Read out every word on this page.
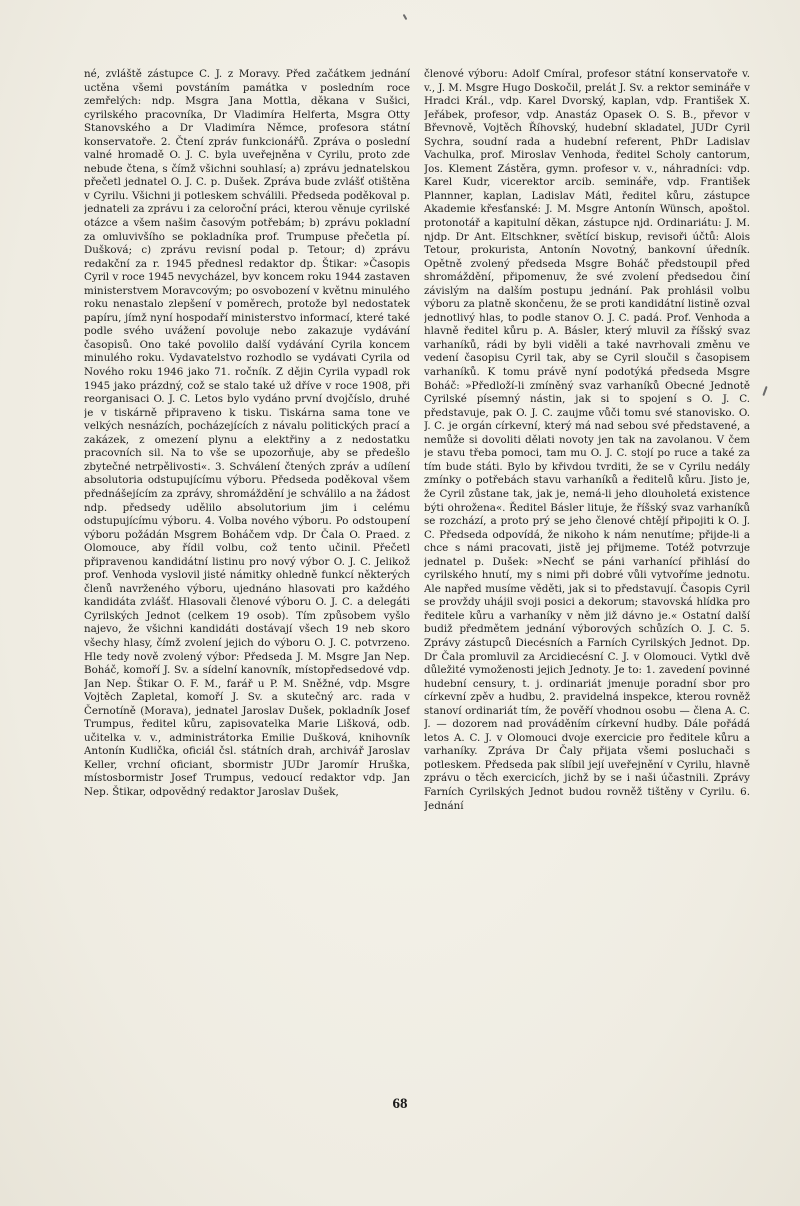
né, zvláště zástupce C. J. z Moravy. Před začátkem jednání uctěna všemi povstáním památka v posledním roce zemřelých: ndp. Msgra Jana Mottla, děkana v Sušici, cyrilského pracovníka, Dr Vladimíra Helferta, Msgra Otty Stanovského a Dr Vladimíra Němce, profesora státní konservatoře. 2. Čtení zpráv funkcionářů. Zpráva o poslední valné hromadě O. J. C. byla uveřejněna v Cyrilu, proto zde nebude čtena, s čímž všichni souhlasí; a) zprávu jednatelskou přečetl jednatel O. J. C. p. Dušek. Zpráva bude zvlášť otištěna v Cyrilu. Všichni ji potleskem schválili. Předseda poděkoval p. jednateli za zprávu i za celoroční práci, kterou věnuje cyrilské otázce a všem našim časovým potřebám; b) zprávu pokladní za omluvivšího se pokladníka prof. Trumpuse přečetla pí. Dušková; c) zprávu revisní podal p. Tetour; d) zprávu redakční za r. 1945 přednesl redaktor dp. Štikar: »Časopis Cyril v roce 1945 nevycházel, byv koncem roku 1944 zastaven ministerstvem Moravcovým; po osvobození v květnu minulého roku nenastalo zlepšení v poměrech, protože byl nedostatek papíru, jímž nyní hospodaří ministerstvo informací, které také podle svého uvážení povoluje nebo zakazuje vydávání časopisů. Ono také povolilo další vydávání Cyrila koncem minulého roku. Vydavatelstvo rozhodlo se vydávati Cyrila od Nového roku 1946 jako 71. ročník. Z dějin Cyrila vypadl rok 1945 jako prázdný, což se stalo také už dříve v roce 1908, při reorganisaci O. J. C. Letos bylo vydáno první dvojčíslo, druhé je v tiskárně připraveno k tisku. Tiskárna sama tone ve velkých nesnázích, pocházejících z návalu politických prací a zakázek, z omezení plynu a elektřiny a z nedostatku pracovních sil. Na to vše se upozorňuje, aby se předešlo zbytečné netrpělivosti«. 3. Schválení čtených zpráv a udílení absolutoria odstupujícímu výboru. Předseda poděkoval všem přednášejícím za zprávy, shromáždění je schválilo a na žádost ndp. předsedy udělilo absolutorium jim i celému odstupujícímu výboru. 4. Volba nového výboru. Po odstoupení výboru požádán Msgrem Boháčem vdp. Dr Čala O. Praed. z Olomouce, aby řídil volbu, což tento učinil. Přečetl připravenou kandidátní listinu pro nový výbor O. J. C. Jelikož prof. Venhoda vyslovil jisté námitky ohledně funkcí některých členů navrženého výboru, ujednáno hlasovati pro každého kandidáta zvlášť. Hlasovali členové výboru O. J. C. a delegáti Cyrilských Jednot (celkem 19 osob). Tím způsobem vyšlo najevo, že všichni kandidáti dostávají všech 19 neb skoro všechy hlasy, čímž zvolení jejich do výboru O. J. C. potvrzeno. Hle tedy nově zvolený výbor: Předseda J. M. Msgre Jan Nep. Boháč, komoří J. Sv. a sídelní kanovník, místopředsedové vdp. Jan Nep. Štikar O. F. M., farář u P. M. Sněžné, vdp. Msgre Vojtěch Zapletal, komoří J. Sv. a skutečný arc. rada v Černotíně (Morava), jednatel Jaroslav Dušek, pokladník Josef Trumpus, ředitel kůru, zapisovatelka Marie Lišková, odb. učitelka v. v., administrátorka Emilie Dušková, knihovník Antonín Kudlička, oficiál čsl. státních drah, archivář Jaroslav Keller, vrchní oficiant, sbormistr JUDr Jaromír Hruška, místosbormistr Josef Trumpus, vedoucí redaktor vdp. Jan Nep. Štikar, odpovědný redaktor Jaroslav Dušek,

členové výboru: Adolf Cmíral, profesor státní konservatoře v. v., J. M. Msgre Hugo Doskočil, prelát J. Sv. a rektor semináře v Hradci Král., vdp. Karel Dvorský, kaplan, vdp. František X. Jeřábek, profesor, vdp. Anastáz Opasek O. S. B., převor v Břevnově, Vojtěch Říhovský, hudební skladatel, JUDr Cyril Sychra, soudní rada a hudební referent, PhDr Ladislav Vachulka, prof. Miroslav Venhoda, ředitel Scholy cantorum, Jos. Klement Zástěra, gymn. profesor v. v., náhradníci: vdp. Karel Kudr, vicerektor arcib. semináře, vdp. František Plannner, kaplan, Ladislav Mátl, ředitel kůru, zástupce Akademie křesťanské: J. M. Msgre Antonín Wünsch, apoštol. protonotář a kapitulní děkan, zástupce njd. Ordinariátu: J. M. njdp. Dr Ant. Eltschkner, světící biskup, revisoři účtů: Alois Tetour, prokurista, Antonín Novotný, bankovní úředník. Opětně zvolený předseda Msgre Boháč předstoupil před shromáždění, připomenuv, že své zvolení předsedou činí závislým na dalším postupu jednání. Pak prohlásil volbu výboru za platně skončenu, že se proti kandidátní listině ozval jednotlivý hlas, to podle stanov O. J. C. padá. Prof. Venhoda a hlavně ředitel kůru p. A. Básler, který mluvil za říšský svaz varhaníků, rádi by byli viděli a také navrhovali změnu ve vedení časopisu Cyril tak, aby se Cyril sloučil s časopisem varhaníků. K tomu právě nyní podotýká předseda Msgre Boháč: »Předloží-li zmíněný svaz varhaníků Obecné Jednotě Cyrilské písemný nástin, jak si to spojení s O. J. C. představuje, pak O. J. C. zaujme vůči tomu své stanovisko. O. J. C. je orgán církevní, který má nad sebou své představené, a nemůže si dovoliti dělati novoty jen tak na zavolanou. V čem je stavu třeba pomoci, tam mu O. J. C. stojí po ruce a také za tím bude státi. Bylo by křivdou tvrditi, že se v Cyrilu nedály zmínky o potřebách stavu varhaníků a ředitelů kůru. Jisto je, že Cyril zůstane tak, jak je, nemá-li jeho dlouholetá existence býti ohrožena«. Ředitel Básler lituje, že říšský svaz varhaníků se rozchází, a proto prý se jeho členové chtějí připojiti k O. J. C. Předseda odpovídá, že nikoho k nám nenutíme; přijde-li a chce s námi pracovati, jistě jej přijmeme. Totéž potvrzuje jednatel p. Dušek: »Nechť se páni varhanící přihlásí do cyrilského hnutí, my s nimi při dobré vůli vytvoříme jednotu. Ale napřed musíme věděti, jak si to představují. Časopis Cyril se provždy uhájil svoji posici a dekorum; stavovská hlídka pro ředitele kůru a varhaníky v něm již dávno je.« Ostatní další budiž předmětem jednání výborových schůzích O. J. C. 5. Zprávy zástupců Diecésních a Farních Cyrilských Jednot. Dp. Dr Čala promluvil za Arcidiecésní C. J. v Olomouci. Vytkl dvě důležité vymoženosti jejich Jednoty. Je to: 1. zavedení povinné hudební censury, t. j. ordinariát jmenuje poradní sbor pro církevní zpěv a hudbu, 2. pravidelná inspekce, kterou rovněž stanoví ordinariát tím, že pověří vhodnou osobu — člena A. C. J. — dozorem nad prováděním církevní hudby. Dále pořádá letos A. C. J. v Olomouci dvoje exercicie pro ředitele kůru a varhaníky. Zpráva Dr Čaly přijata všemi posluchači s potleskem. Předseda pak slíbil její uveřejnění v Cyrilu, hlavně zprávu o těch exercicích, jichž by se i naši účastnili. Zprávy Farních Cyrilských Jednot budou rovněž tištěny v Cyrilu. 6. Jednání

68
